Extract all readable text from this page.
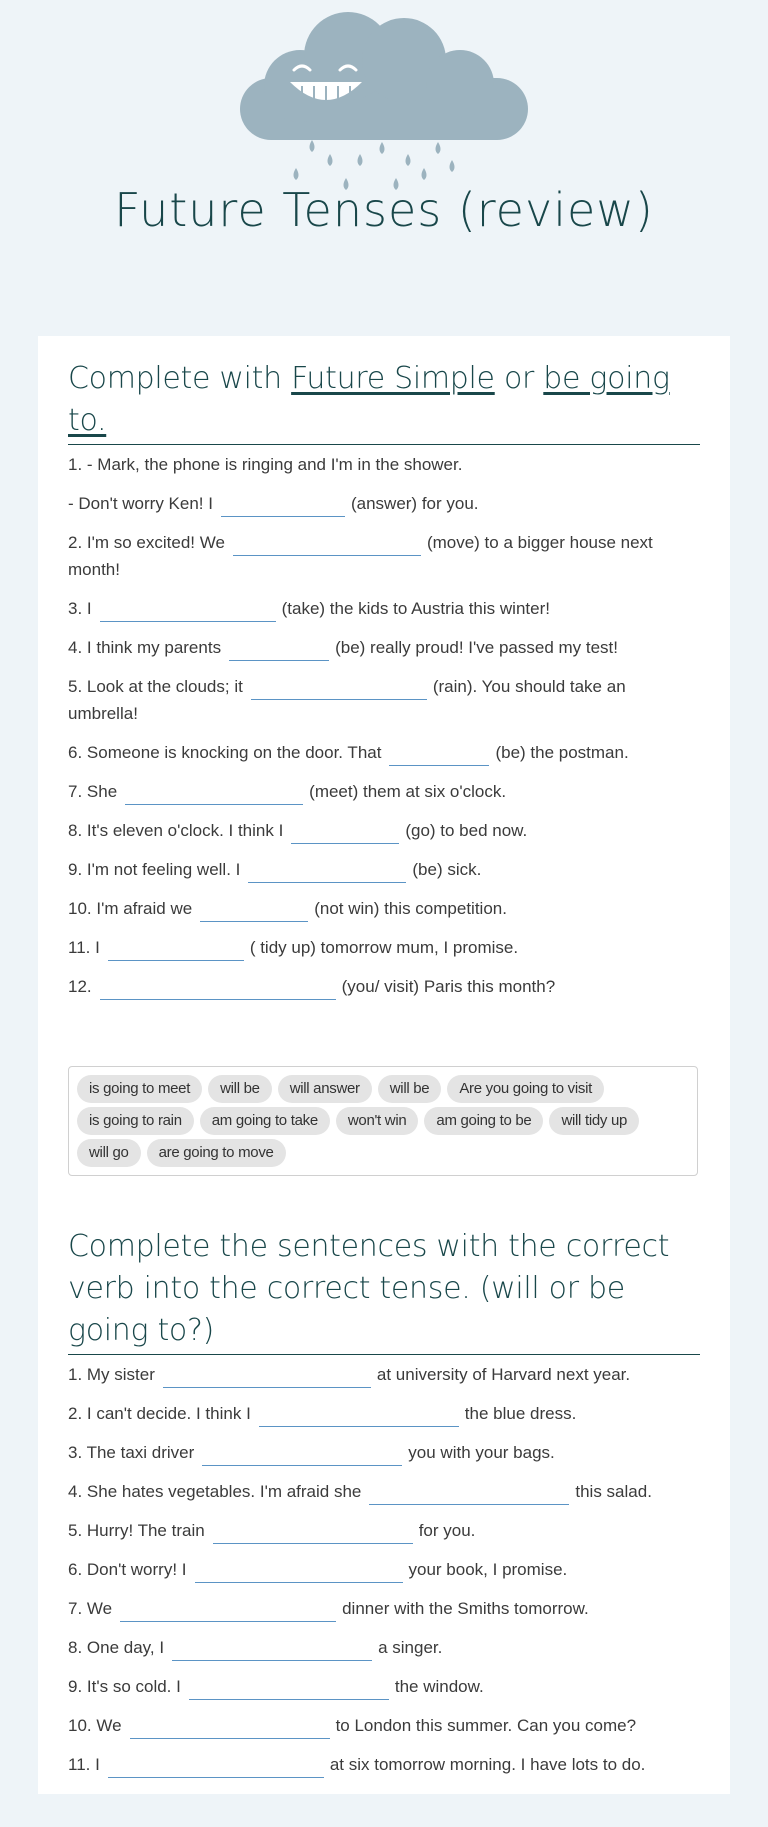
Future Tenses (review)
Complete with Future Simple or be going to.
1. - Mark, the phone is ringing and I'm in the shower.
- Don't worry Ken! I	(answer) for you.
2. I'm so excited! We	(move) to a bigger house next month!
3. I	(take) the kids to Austria this winter!
4. I think my parents	(be) really proud! I've passed my test!
5. Look at the clouds; it	(rain). You should take an umbrella!
6. Someone is knocking on the door. That	(be) the postman.
7. She	(meet) them at six o'clock.
8. It's eleven o'clock. I think I	(go) to bed now.
9. I'm not feeling well. I	(be) sick.
10. I'm afraid we	(not win) this competition.
11. I	( tidy up) tomorrow mum, I promise.
12.	(you/ visit) Paris this month?
is going to meet will be will answer will be Are you going to visitis going to rain am going to take won't win am going to be will tidy upwill go are going to move
Complete the sentences with the correct verb into the correct tense. (will or be going to?)
1. My sister	at university of Harvard next year.
2. I can't decide. I think I	the blue dress.
3. The taxi driver	you with your bags.
4. She hates vegetables. I'm afraid she	this salad.
5. Hurry! The train	for you.
6. Don't worry! I	your book, I promise.
7. We	dinner with the Smiths tomorrow.
8. One day, I	a singer.
9. It's so cold. I	the window.
10. We	to London this summer. Can you come?
11. I	at six tomorrow morning. I have lots to do.
